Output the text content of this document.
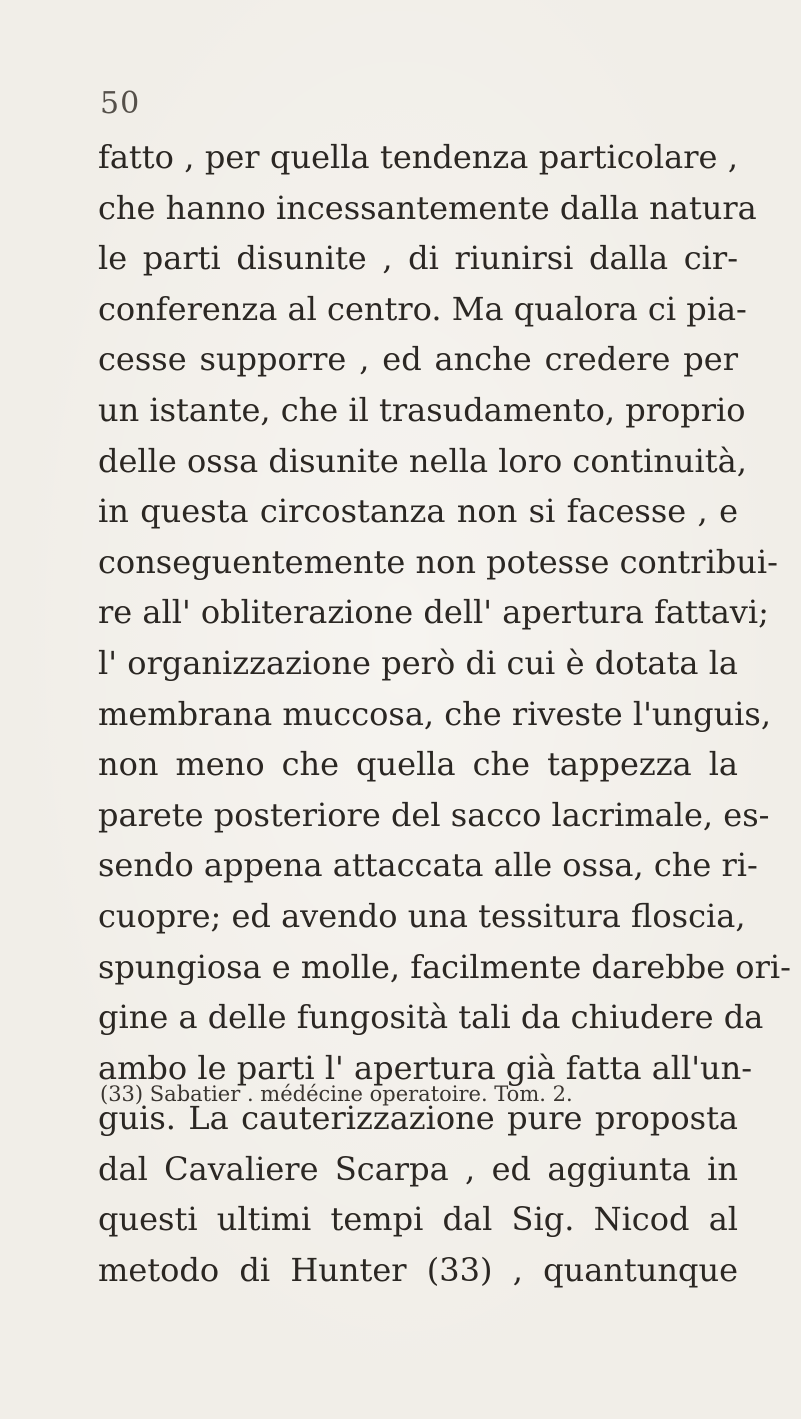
50
fatto , per quella tendenza particolare ,
che hanno incessantemente dalla natura
le parti disunite , di riunirsi dalla cir-
conferenza al centro. Ma qualora ci pia-
cesse supporre , ed anche credere per
un istante, che il trasudamento, proprio
delle ossa disunite nella loro continuità,
in questa circostanza non si facesse , e
conseguentemente non potesse contribui-
re all' obliterazione dell' apertura fattavi;
l' organizzazione però di cui è dotata la
membrana muccosa, che riveste l'unguis,
non meno che quella che tappezza la
parete posteriore del sacco lacrimale, es-
sendo appena attaccata alle ossa, che ri-
cuopre; ed avendo una tessitura floscia,
spungiosa e molle, facilmente darebbe ori-
gine a delle fungosità tali da chiudere da
ambo le parti l' apertura già fatta all'un-
guis. La cauterizzazione pure proposta
dal Cavaliere Scarpa , ed aggiunta in
questi ultimi tempi dal Sig. Nicod al
metodo di Hunter (33) , quantunque
(33) Sabatier . médécine operatoire. Tom. 2.
